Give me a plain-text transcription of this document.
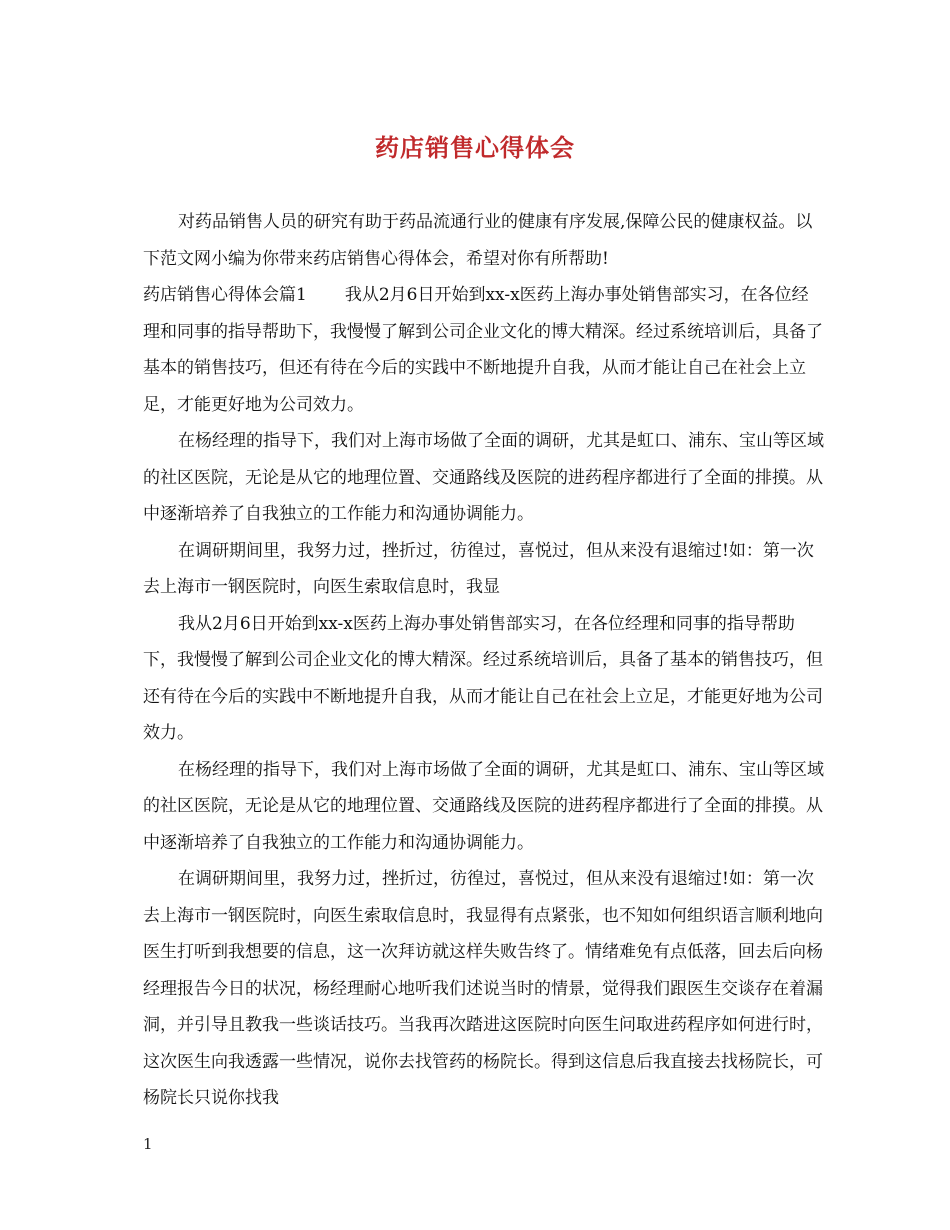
药店销售心得体会

对药品销售人员的研究有助于药品流通行业的健康有序发展,保障公民的健康权益。以下范文网小编为你带来药店销售心得体会，希望对你有所帮助!

药店销售心得体会篇1 我从2月6日开始到xx-x医药上海办事处销售部实习，在各位经理和同事的指导帮助下，我慢慢了解到公司企业文化的博大精深。经过系统培训后，具备了基本的销售技巧，但还有待在今后的实践中不断地提升自我，从而才能让自己在社会上立足，才能更好地为公司效力。

在杨经理的指导下，我们对上海市场做了全面的调研，尤其是虹口、浦东、宝山等区域的社区医院，无论是从它的地理位置、交通路线及医院的进药程序都进行了全面的排摸。从中逐渐培养了自我独立的工作能力和沟通协调能力。

在调研期间里，我努力过，挫折过，彷徨过，喜悦过，但从来没有退缩过!如：第一次去上海市一钢医院时，向医生索取信息时，我显

我从2月6日开始到xx-x医药上海办事处销售部实习，在各位经理和同事的指导帮助下，我慢慢了解到公司企业文化的博大精深。经过系统培训后，具备了基本的销售技巧，但还有待在今后的实践中不断地提升自我，从而才能让自己在社会上立足，才能更好地为公司效力。

在杨经理的指导下，我们对上海市场做了全面的调研，尤其是虹口、浦东、宝山等区域的社区医院，无论是从它的地理位置、交通路线及医院的进药程序都进行了全面的排摸。从中逐渐培养了自我独立的工作能力和沟通协调能力。

在调研期间里，我努力过，挫折过，彷徨过，喜悦过，但从来没有退缩过!如：第一次去上海市一钢医院时，向医生索取信息时，我显得有点紧张，也不知如何组织语言顺利地向医生打听到我想要的信息，这一次拜访就这样失败告终了。情绪难免有点低落，回去后向杨经理报告今日的状况，杨经理耐心地听我们述说当时的情景，觉得我们跟医生交谈存在着漏洞，并引导且教我一些谈话技巧。当我再次踏进这医院时向医生问取进药程序如何进行时，这次医生向我透露一些情况，说你去找管药的杨院长。得到这信息后我直接去找杨院长，可杨院长只说你找我

1
